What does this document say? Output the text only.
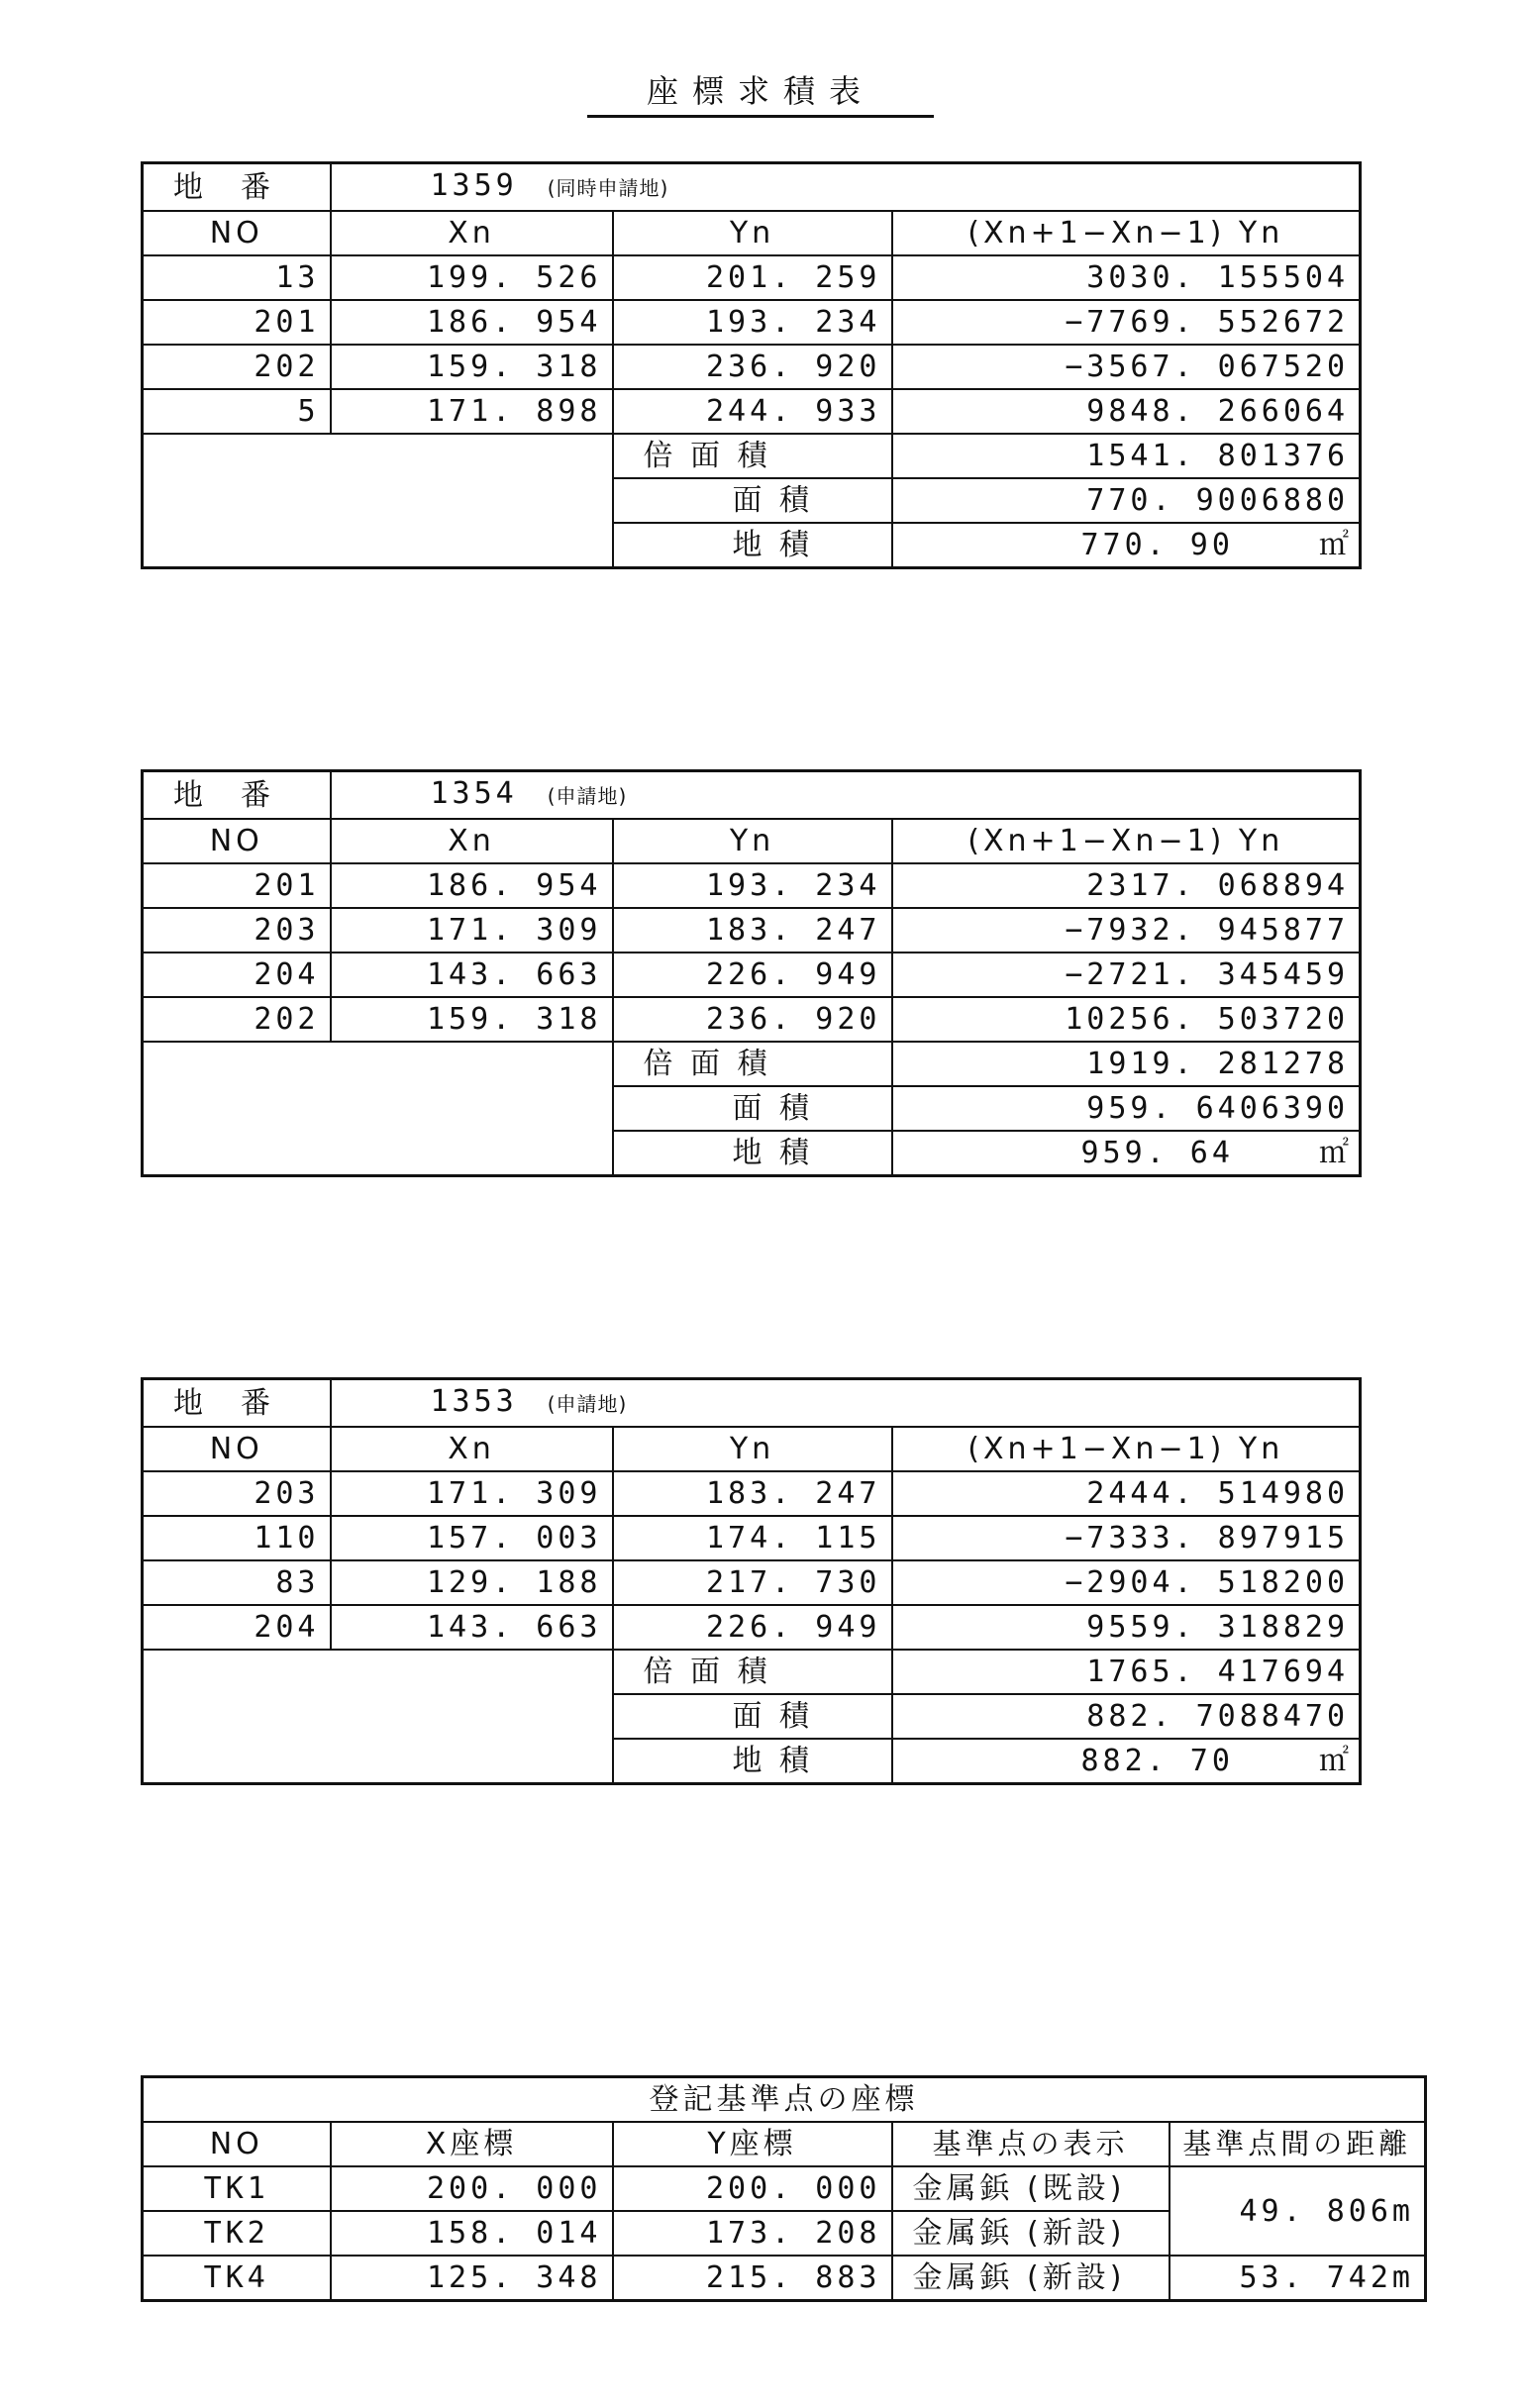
座標求積表
地　番	1359 (同時申請地)		
NO	Xn	Yn	(Xn+1−Xn−1) Yn
13	199. 526	201. 259	3030. 155504
201	186. 954	193. 234	−7769. 552672
202	159. 318	236. 920	−3567. 067520
5	171. 898	244. 933	9848. 266064
		倍 面 積	1541. 801376
		面 積	770. 9006880
		地 積	770. 90 ㎡
地　番	1354 (申請地)		
NO	Xn	Yn	(Xn+1−Xn−1) Yn
201	186. 954	193. 234	2317. 068894
203	171. 309	183. 247	−7932. 945877
204	143. 663	226. 949	−2721. 345459
202	159. 318	236. 920	10256. 503720
		倍 面 積	1919. 281278
		面 積	959. 6406390
		地 積	959. 64 ㎡
地　番	1353 (申請地)		
NO	Xn	Yn	(Xn+1−Xn−1) Yn
203	171. 309	183. 247	2444. 514980
110	157. 003	174. 115	−7333. 897915
83	129. 188	217. 730	−2904. 518200
204	143. 663	226. 949	9559. 318829
		倍 面 積	1765. 417694
		面 積	882. 7088470
		地 積	882. 70 ㎡
登記基準点の座標				
NO	X座標	Y座標	基準点の表示	基準点間の距離
TK1	200. 000	200. 000	金属鋲 (既設)	49. 806m
TK2	158. 014	173. 208	金属鋲 (新設)	
TK4	125. 348	215. 883	金属鋲 (新設)	53. 742m
